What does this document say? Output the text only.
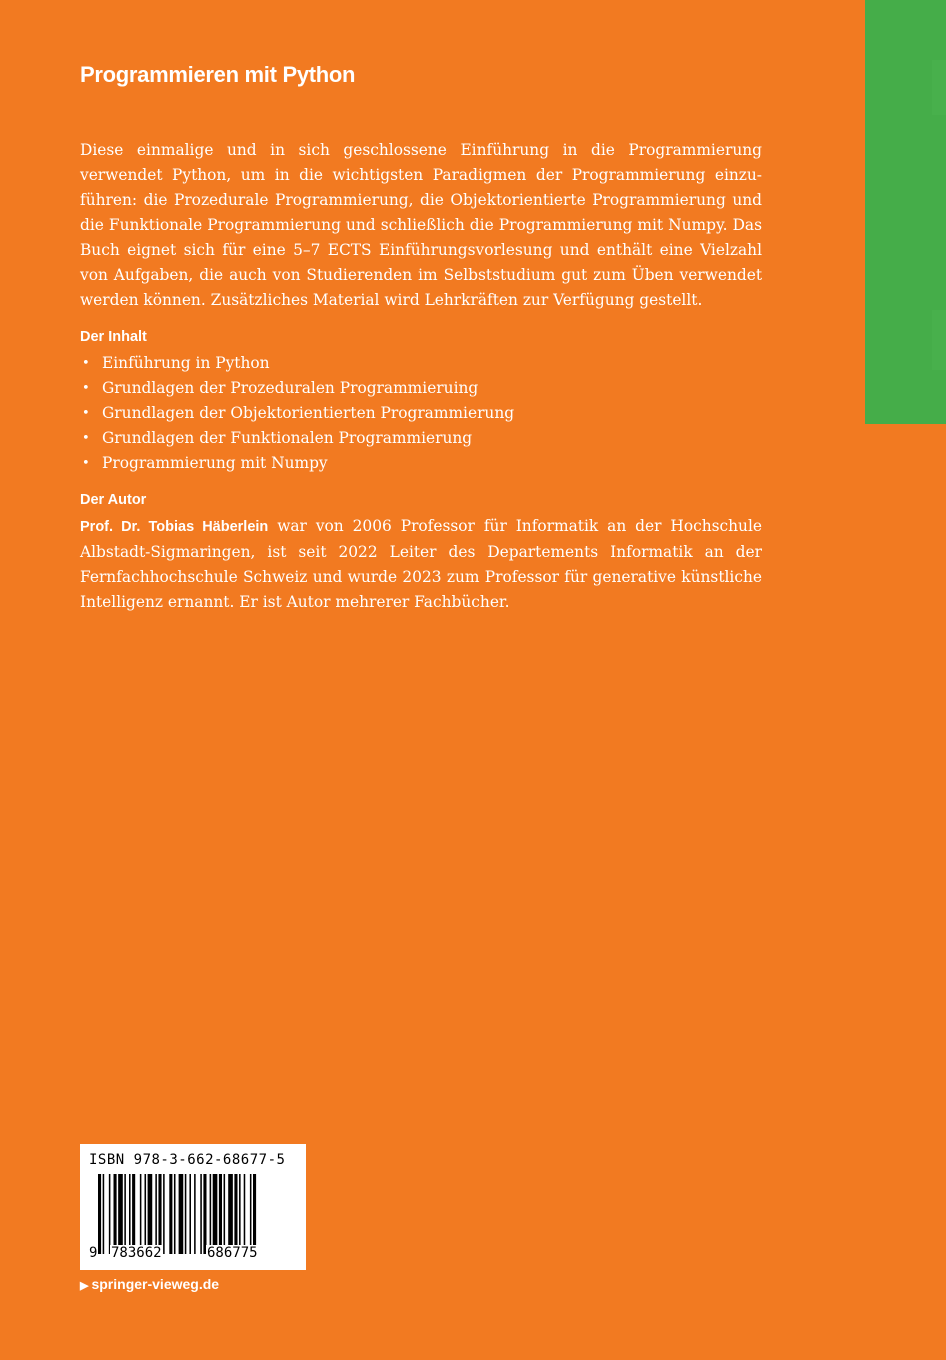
Programmieren mit Python

Diese einmalige und in sich geschlossene Einführung in die Programmierung verwendet Python, um in die wichtigsten Paradigmen der Programmierung einzuführen: die Prozedurale Programmierung, die Objektorientierte Programmierung und die Funktionale Programmierung und schließlich die Programmierung mit Numpy. Das Buch eignet sich für eine 5–7 ECTS Einführungsvorlesung und enthält eine Vielzahl von Aufgaben, die auch von Studierenden im Selbststudium gut zum Üben verwendet werden können. Zusätzliches Material wird Lehrkräften zur Verfügung gestellt.

Der Inhalt
• Einführung in Python
• Grundlagen der Prozeduralen Programmieruing
• Grundlagen der Objektorientierten Programmierung
• Grundlagen der Funktionalen Programmierung
• Programmierung mit Numpy
Der Autor

Prof. Dr. Tobias Häberlein war von 2006 Professor für Informatik an der Hochschule Albstadt-Sigmaringen, ist seit 2022 Leiter des Departements Informatik an der Fernfachhochschule Schweiz und wurde 2023 zum Professor für generative künstliche Intelligenz ernannt. Er ist Autor mehrerer Fachbücher.

ISBN 978-3-662-68677-5
9 783662	686775
▶ springer-vieweg.de
